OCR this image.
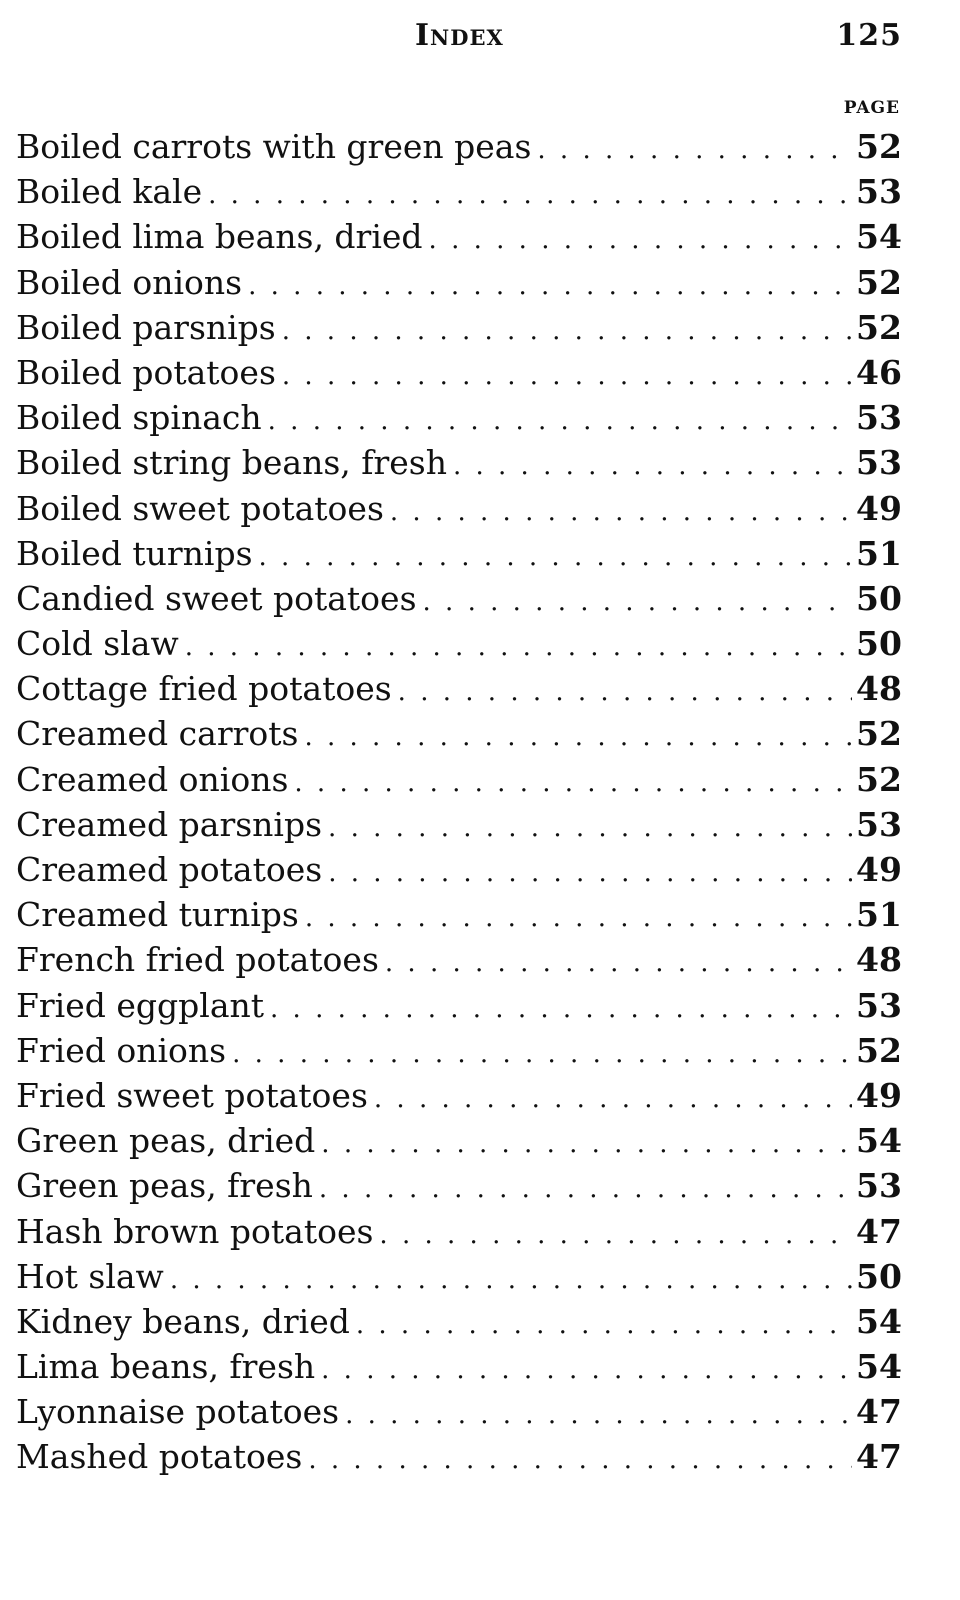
Index	125
PAGE
Boiled carrots with green peas . . .	52
Boiled kale . . .	53
Boiled lima beans, dried . . .	54
Boiled onions . . .	52
Boiled parsnips . . .	52
Boiled potatoes . . .	46
Boiled spinach . . .	53
Boiled string beans, fresh . . .	53
Boiled sweet potatoes . . .	49
Boiled turnips . . .	51
Candied sweet potatoes . . .	50
Cold slaw . . .	50
Cottage fried potatoes . . .	48
Creamed carrots . . .	52
Creamed onions . . .	52
Creamed parsnips . . .	53
Creamed potatoes . . .	49
Creamed turnips . . .	51
French fried potatoes . . .	48
Fried eggplant . . .	53
Fried onions . . .	52
Fried sweet potatoes . . .	49
Green peas, dried . . .	54
Green peas, fresh . . .	53
Hash brown potatoes . . .	47
Hot slaw . . .	50
Kidney beans, dried . . .	54
Lima beans, fresh . . .	54
Lyonnaise potatoes . . .	47
Mashed potatoes . . .	47
